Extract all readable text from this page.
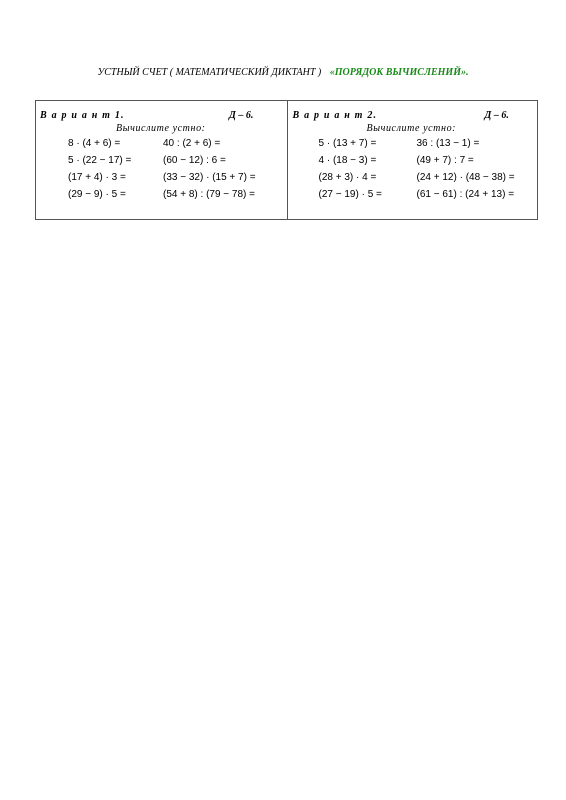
УСТНЫЙ СЧЕТ ( МАТЕМАТИЧЕСКИЙ ДИКТАНТ ) «ПОРЯДОК ВЫЧИСЛЕНИЙ».
В а р и а н т 1.	Д – 6.
Вычислите устно:
8 · (4 + 6) =
5 · (22 − 17) =
(17 + 4) · 3 =
(29 − 9) · 5 =
40 : (2 + 6) =
(60 − 12) : 6 =
(33 − 32) · (15 + 7) =
(54 + 8) : (79 − 78) =
В а р и а н т 2.	Д – 6.
Вычислите устно:
5 · (13 + 7) =
4 · (18 − 3) =
(28 + 3) · 4 =
(27 − 19) · 5 =
36 : (13 − 1) =
(49 + 7) : 7 =
(24 + 12) · (48 − 38) =
(61 − 61) : (24 + 13) =
